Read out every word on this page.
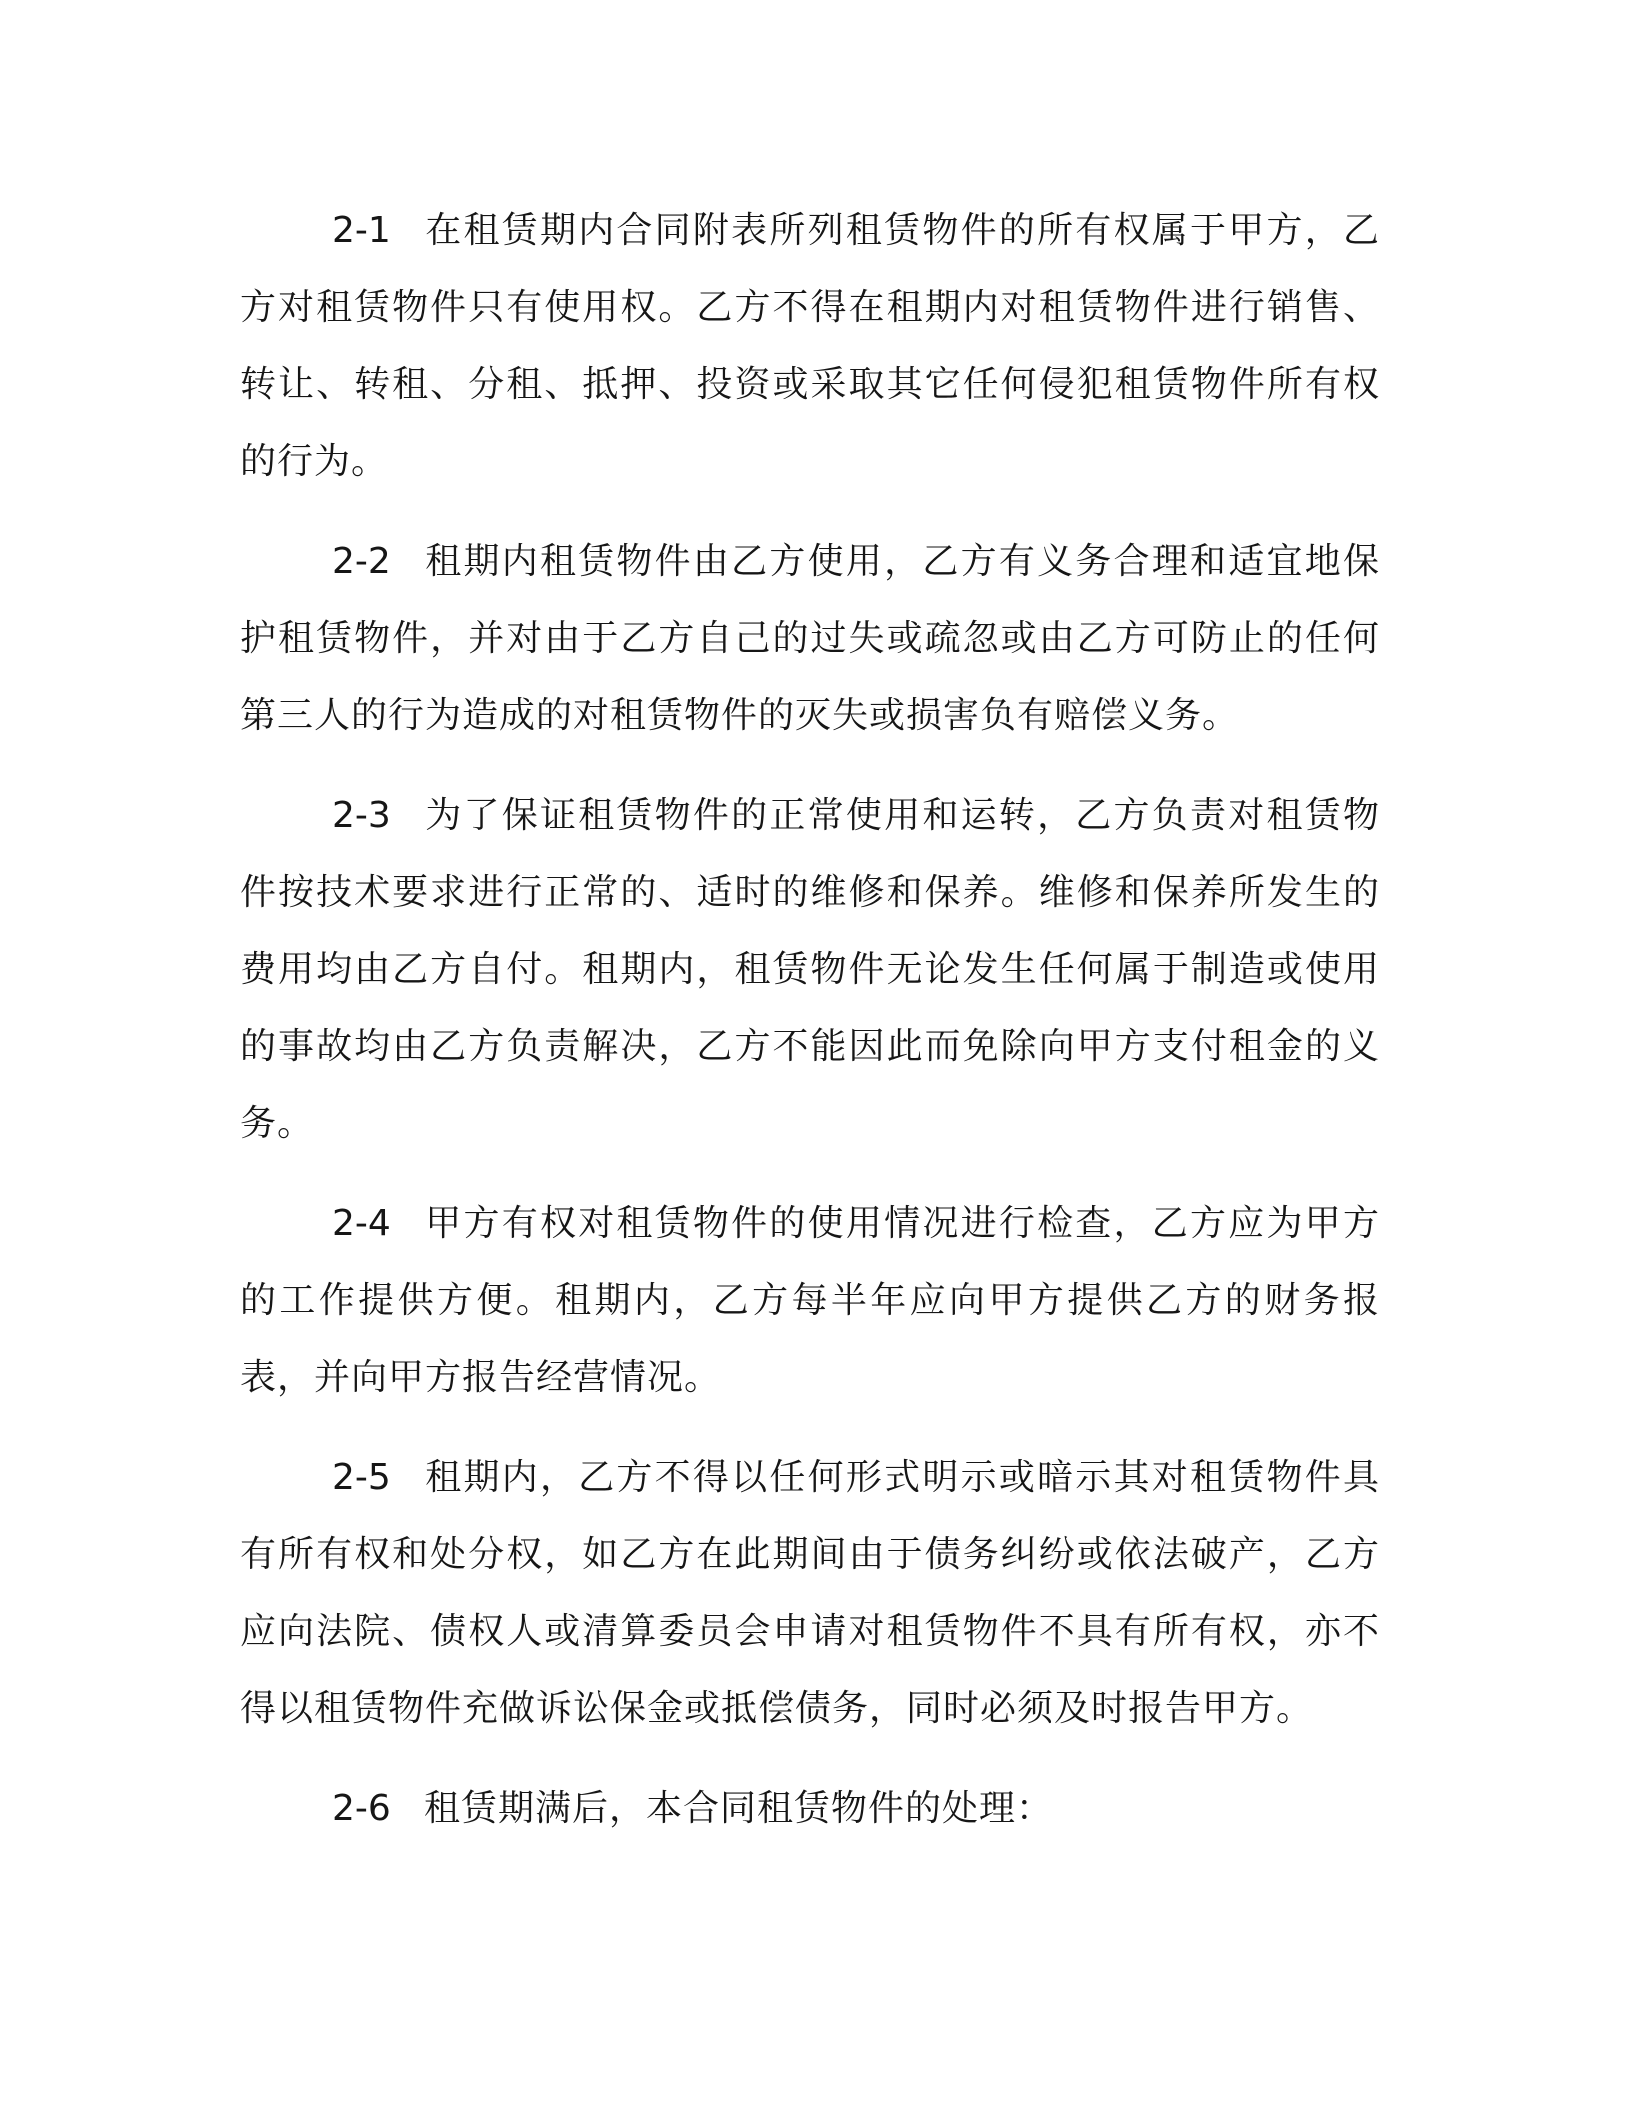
2-1 在租赁期内合同附表所列租赁物件的所有权属于甲方，乙方对租赁物件只有使用权。乙方不得在租期内对租赁物件进行销售、转让、转租、分租、抵押、投资或采取其它任何侵犯租赁物件所有权的行为。

2-2 租期内租赁物件由乙方使用，乙方有义务合理和适宜地保护租赁物件，并对由于乙方自己的过失或疏忽或由乙方可防止的任何第三人的行为造成的对租赁物件的灭失或损害负有赔偿义务。

2-3 为了保证租赁物件的正常使用和运转，乙方负责对租赁物件按技术要求进行正常的、适时的维修和保养。维修和保养所发生的费用均由乙方自付。租期内，租赁物件无论发生任何属于制造或使用的事故均由乙方负责解决，乙方不能因此而免除向甲方支付租金的义务。

2-4 甲方有权对租赁物件的使用情况进行检查，乙方应为甲方的工作提供方便。租期内，乙方每半年应向甲方提供乙方的财务报表，并向甲方报告经营情况。

2-5 租期内，乙方不得以任何形式明示或暗示其对租赁物件具有所有权和处分权，如乙方在此期间由于债务纠纷或依法破产，乙方应向法院、债权人或清算委员会申请对租赁物件不具有所有权，亦不得以租赁物件充做诉讼保金或抵偿债务，同时必须及时报告甲方。

2-6 租赁期满后，本合同租赁物件的处理：
